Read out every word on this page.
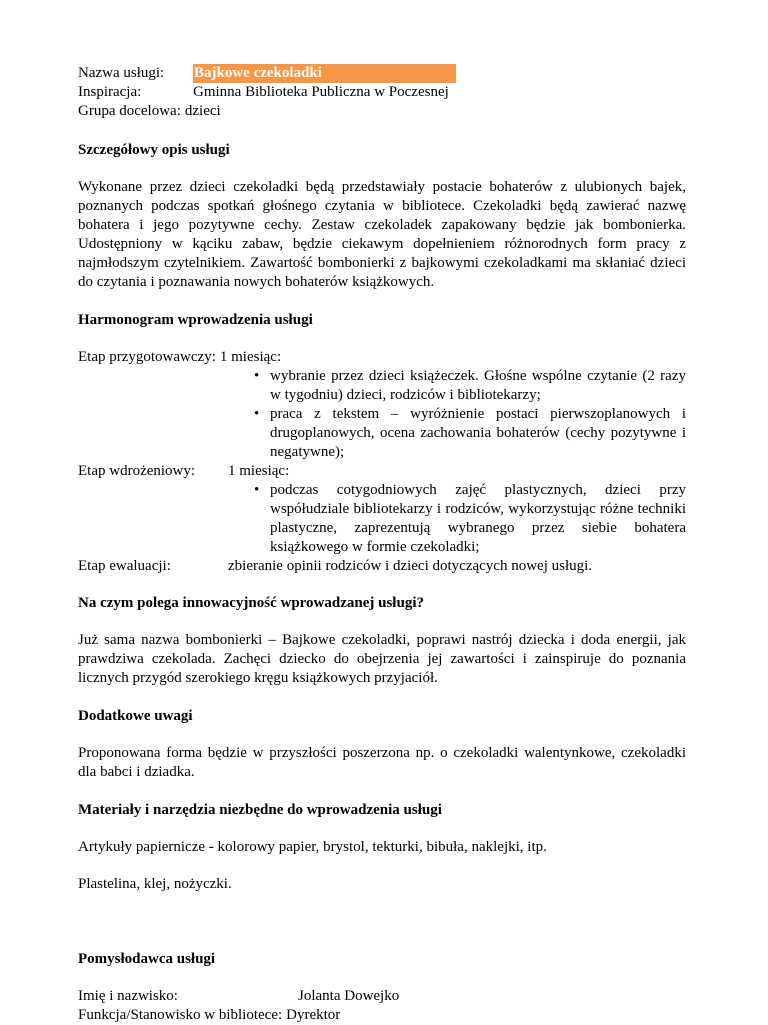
Nazwa usługi:	Bajkowe czekoladki
Inspiracja:	Gminna Biblioteka Publiczna w Poczesnej
Grupa docelowa: dzieci

Szczegółowy opis usługi

Wykonane przez dzieci czekoladki będą przedstawiały postacie bohaterów z ulubionych bajek, poznanych podczas spotkań głośnego czytania w bibliotece. Czekoladki będą zawierać nazwę bohatera i jego pozytywne cechy. Zestaw czekoladek zapakowany będzie jak bombonierka. Udostępniony w kąciku zabaw, będzie ciekawym dopełnieniem różnorodnych form pracy z najmłodszym czytelnikiem. Zawartość bombonierki z bajkowymi czekoladkami ma skłaniać dzieci do czytania i poznawania nowych bohaterów książkowych.

Harmonogram wprowadzenia usługi

Etap przygotowawczy: 1 miesiąc:
• wybranie przez dzieci książeczek. Głośne wspólne czytanie (2 razy w tygodniu) dzieci, rodziców i bibliotekarzy;
• praca z tekstem – wyróżnienie postaci pierwszoplanowych i drugoplanowych, ocena zachowania bohaterów (cechy pozytywne i negatywne);
Etap wdrożeniowy:	1 miesiąc:
• podczas cotygodniowych zajęć plastycznych, dzieci przy współudziale bibliotekarzy i rodziców, wykorzystując różne techniki plastyczne, zaprezentują wybranego przez siebie bohatera książkowego w formie czekoladki;
Etap ewaluacji:	zbieranie opinii rodziców i dzieci dotyczących nowej usługi.

Na czym polega innowacyjność wprowadzanej usługi?

Już sama nazwa bombonierki – Bajkowe czekoladki, poprawi nastrój dziecka i doda energii, jak prawdziwa czekolada. Zachęci dziecko do obejrzenia jej zawartości i zainspiruje do poznania licznych przygód szerokiego kręgu książkowych przyjaciół.

Dodatkowe uwagi

Proponowana forma będzie w przyszłości poszerzona np. o czekoladki walentynkowe, czekoladki dla babci i dziadka.

Materiały i narzędzia niezbędne do wprowadzenia usługi

Artykuły papiernicze - kolorowy papier, brystol, tekturki, bibuła, naklejki, itp.

Plastelina, klej, nożyczki.

Pomysłodawca usługi

Imię i nazwisko:	Jolanta Dowejko
Funkcja/Stanowisko w bibliotece: Dyrektor
